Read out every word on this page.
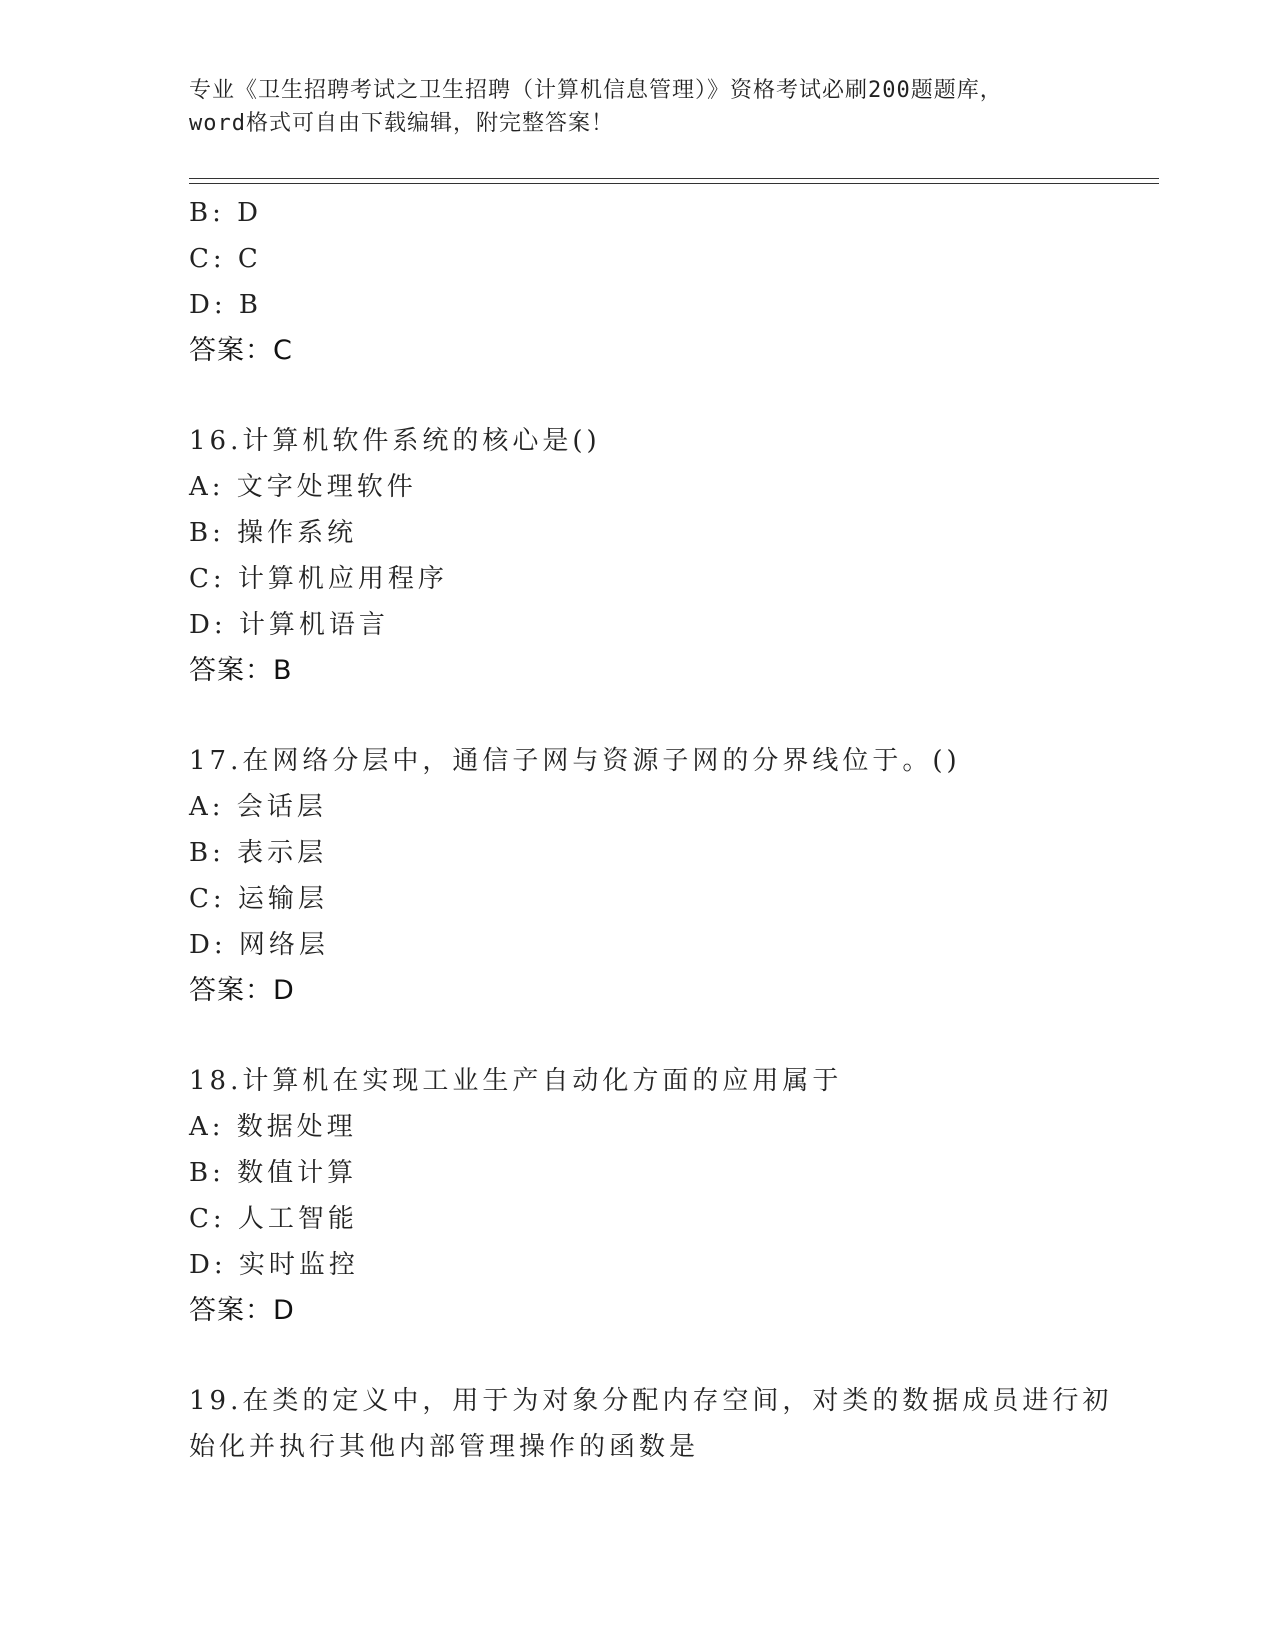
专业《卫生招聘考试之卫生招聘（计算机信息管理）》资格考试必刷200题题库，
word格式可自由下载编辑，附完整答案！
B: D
C: C
D: B
答案：C
16.计算机软件系统的核心是()
A: 文字处理软件
B: 操作系统
C: 计算机应用程序
D: 计算机语言
答案：B
17.在网络分层中，通信子网与资源子网的分界线位于。()
A: 会话层
B: 表示层
C: 运输层
D: 网络层
答案：D
18.计算机在实现工业生产自动化方面的应用属于
A: 数据处理
B: 数值计算
C: 人工智能
D: 实时监控
答案：D
19.在类的定义中，用于为对象分配内存空间，对类的数据成员进行初
始化并执行其他内部管理操作的函数是
